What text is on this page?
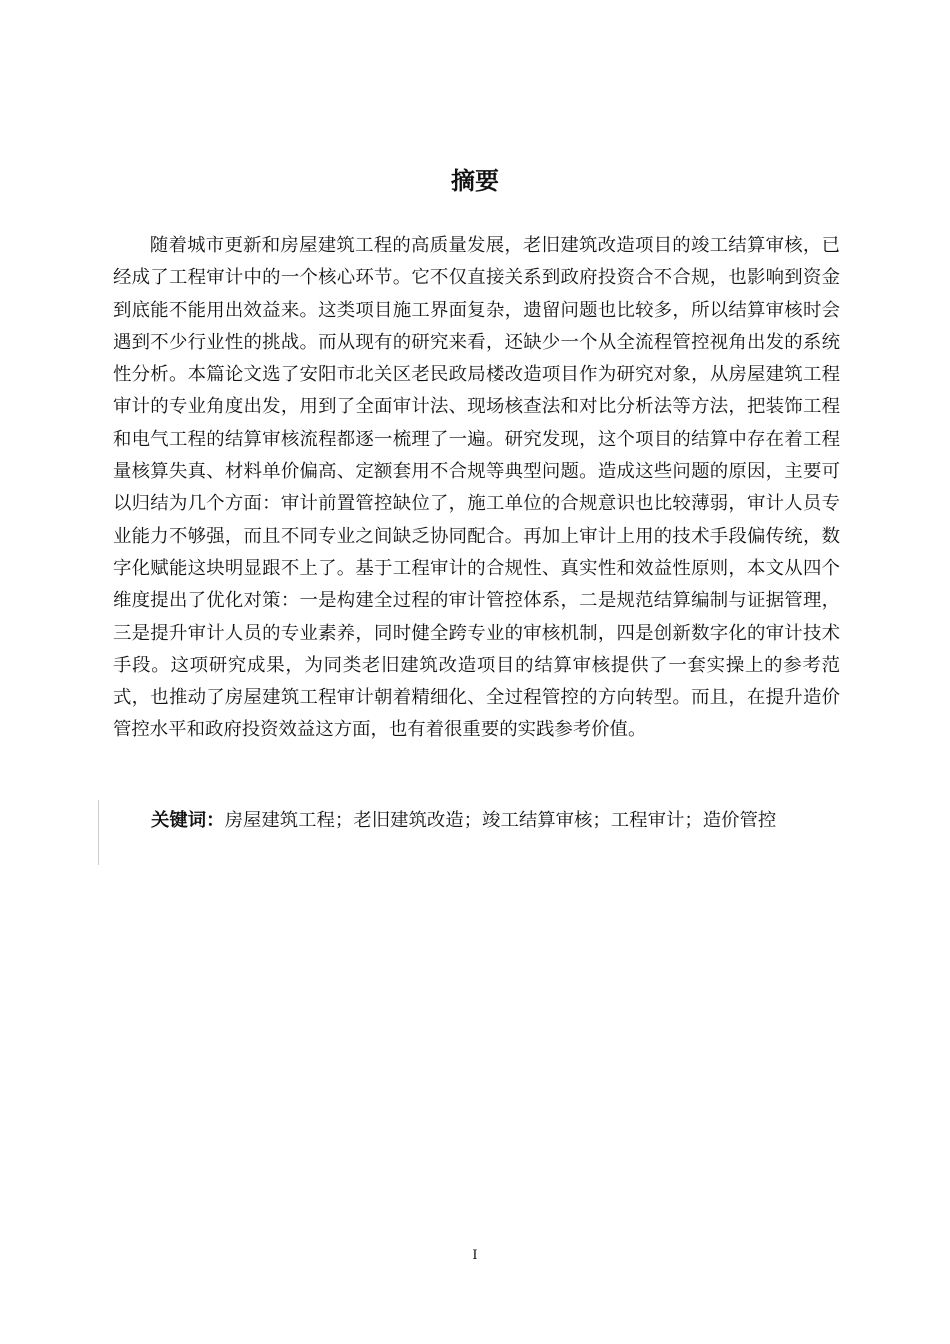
摘要

随着城市更新和房屋建筑工程的高质量发展，老旧建筑改造项目的竣工结算审核，已经成了工程审计中的一个核心环节。它不仅直接关系到政府投资合不合规，也影响到资金到底能不能用出效益来。这类项目施工界面复杂，遗留问题也比较多，所以结算审核时会遇到不少行业性的挑战。而从现有的研究来看，还缺少一个从全流程管控视角出发的系统性分析。本篇论文选了安阳市北关区老民政局楼改造项目作为研究对象，从房屋建筑工程审计的专业角度出发，用到了全面审计法、现场核查法和对比分析法等方法，把装饰工程和电气工程的结算审核流程都逐一梳理了一遍。研究发现，这个项目的结算中存在着工程量核算失真、材料单价偏高、定额套用不合规等典型问题。造成这些问题的原因，主要可以归结为几个方面：审计前置管控缺位了，施工单位的合规意识也比较薄弱，审计人员专业能力不够强，而且不同专业之间缺乏协同配合。再加上审计上用的技术手段偏传统，数字化赋能这块明显跟不上了。基于工程审计的合规性、真实性和效益性原则，本文从四个维度提出了优化对策：一是构建全过程的审计管控体系，二是规范结算编制与证据管理，三是提升审计人员的专业素养，同时健全跨专业的审核机制，四是创新数字化的审计技术手段。这项研究成果，为同类老旧建筑改造项目的结算审核提供了一套实操上的参考范式，也推动了房屋建筑工程审计朝着精细化、全过程管控的方向转型。而且，在提升造价管控水平和政府投资效益这方面，也有着很重要的实践参考价值。

关键词：房屋建筑工程；老旧建筑改造；竣工结算审核；工程审计；造价管控

I
